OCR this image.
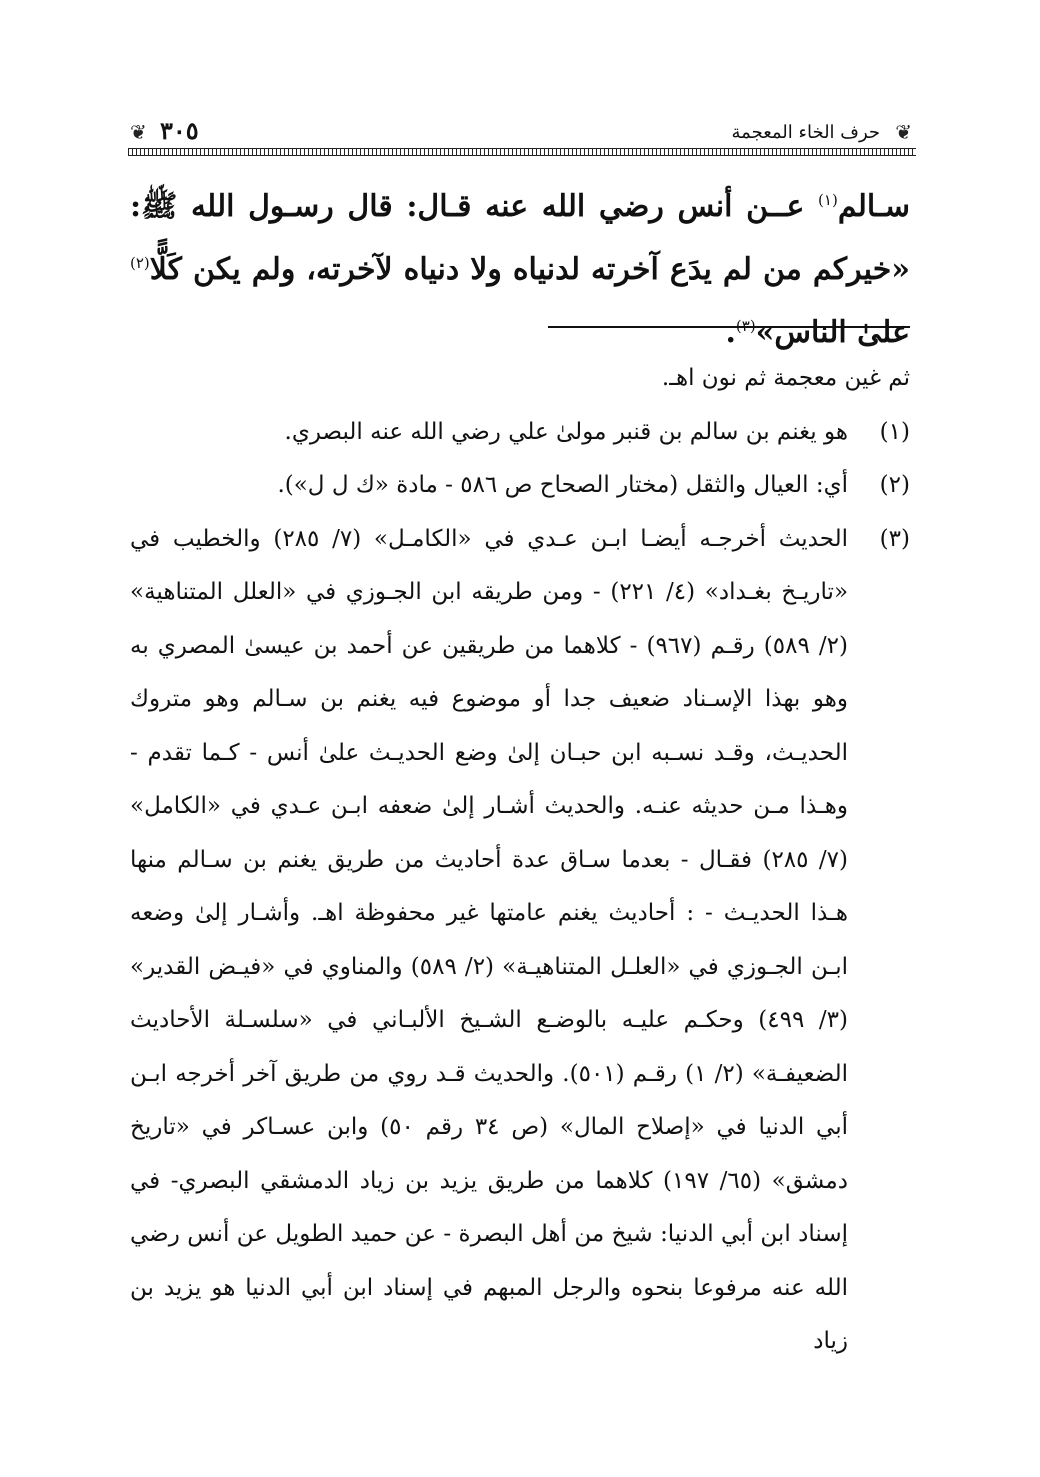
❦
حرف الخاء المعجمة
٣٠٥
❦
سـالم$^{(١)}$ عــن أنس رضي الله عنه قـال: قال رسـول الله ﷺ: «خيركم من لم يدَع آخرته لدنياه ولا دنياه لآخرته، ولم يكن كَلًّا$^{(٢)}$ علىٰ الناس»$^{(٣)}$.
ثم غين معجمة ثم نون اهـ.
(١)
هو يغنم بن سالم بن قنبر مولىٰ علي رضي الله عنه البصري.
(٢)
أي: العيال والثقل (مختار الصحاح ص ٥٨٦ - مادة «ك ل ل»).
(٣)
الحديث أخرجـه أيضـا ابـن عـدي في «الكامـل» (٧/ ٢٨٥) والخطيب في «تاريـخ بغـداد» (٤/ ٢٢١) - ومن طريقه ابن الجـوزي في «العلل المتناهية» (٢/ ٥٨٩) رقـم (٩٦٧) - كلاهما من طريقين عن أحمد بن عيسىٰ المصري به وهو بهذا الإسـناد ضعيف جدا أو موضوع فيه يغنم بن سـالم وهو متروك الحديـث، وقـد نسـبه ابن حبـان إلىٰ وضع الحديـث علىٰ أنس - كـما تقدم - وهـذا مـن حديثه عنـه. والحديث أشـار إلىٰ ضعفه ابـن عـدي في «الكامل» (٧/ ٢٨٥) فقـال - بعدما سـاق عدة أحاديث من طريق يغنم بن سـالم منها هـذا الحديـث - : أحاديث يغنم عامتها غير محفوظة اهـ. وأشـار إلىٰ وضعه ابـن الجـوزي في «العلـل المتناهيـة» (٢/ ٥٨٩) والمناوي في «فيـض القدير» (٣/ ٤٩٩) وحكـم عليـه بالوضـع الشـيخ الألبـاني في «سلسـلة الأحاديث الضعيفـة» (٢/ ١) رقـم (٥٠١). والحديث قـد روي من طريق آخر أخرجه ابـن أبي الدنيا في «إصلاح المال» (ص ٣٤ رقم ٥٠) وابن عسـاكر في «تاريخ دمشق» (٦٥/ ١٩٧) كلاهما من طريق يزيد بن زياد الدمشقي البصري- في إسناد ابن أبي الدنيا: شيخ من أهل البصرة - عن حميد الطويل عن أنس رضي الله عنه مرفوعا بنحوه والرجل المبهم في إسناد ابن أبي الدنيا هو يزيد بن زياد
